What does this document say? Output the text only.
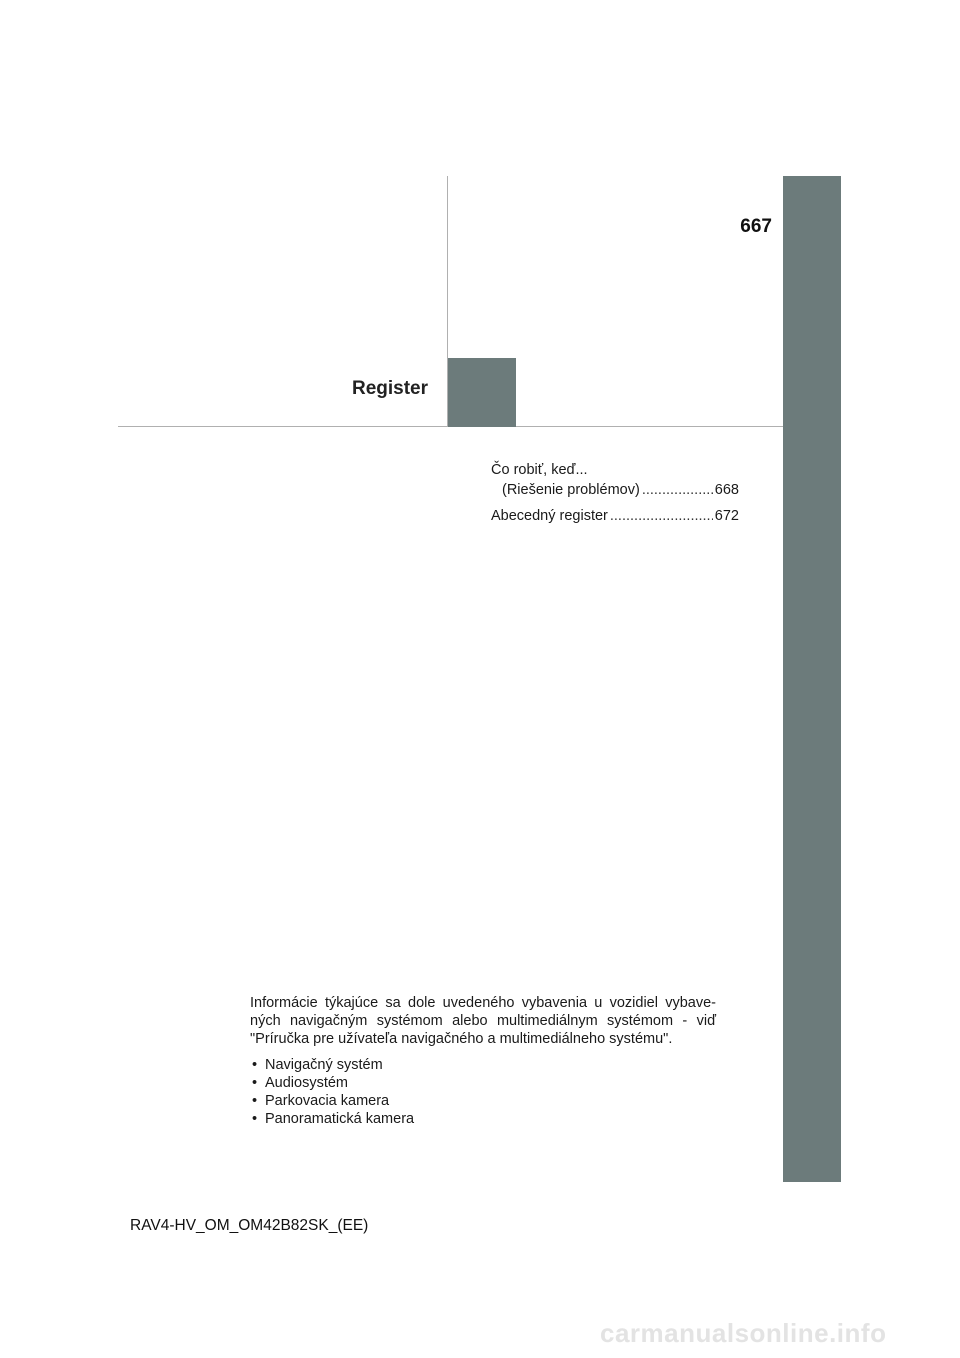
667
Register
Čo robiť, keď...
(Riešenie problémov) .....	668
Abecedný register .....	672

Informácie týkajúce sa dole uvedeného vybavenia u vozidiel vybave-ných navigačným systémom alebo multimediálnym systémom - viď "Príručka pre užívateľa navigačného a multimediálneho systému".

• Navigačný systém
• Audiosystém
• Parkovacia kamera
• Panoramatická kamera
RAV4-HV_OM_OM42B82SK_(EE)
carmanualsonline.info
